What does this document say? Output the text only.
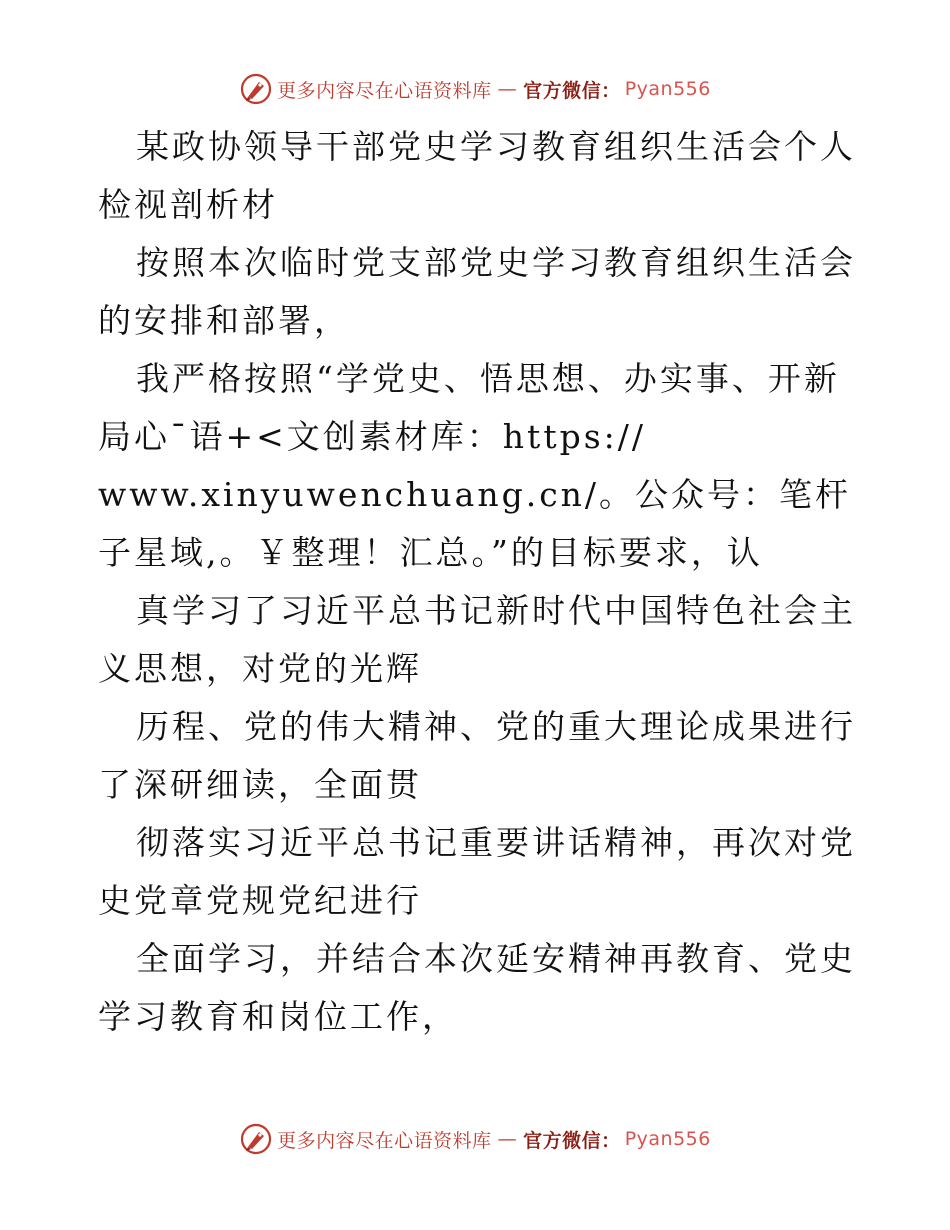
更多内容尽在心语资料库 — 官方微信： Pyan556

某政协领导干部党史学习教育组织生活会个人检视剖析材

按照本次临时党支部党史学习教育组织生活会的安排和部署，

我严格按照“学党史、悟思想、办实事、开新局心¯语+<文创素材库：https://

www.xinyuwenchuang.cn/。公众号：笔杆子星域,。￥整理！汇总。”的目标要求，认

真学习了习近平总书记新时代中国特色社会主义思想，对党的光辉

历程、党的伟大精神、党的重大理论成果进行了深研细读，全面贯

彻落实习近平总书记重要讲话精神，再次对党史党章党规党纪进行

全面学习，并结合本次延安精神再教育、党史学习教育和岗位工作，

更多内容尽在心语资料库 — 官方微信： Pyan556
